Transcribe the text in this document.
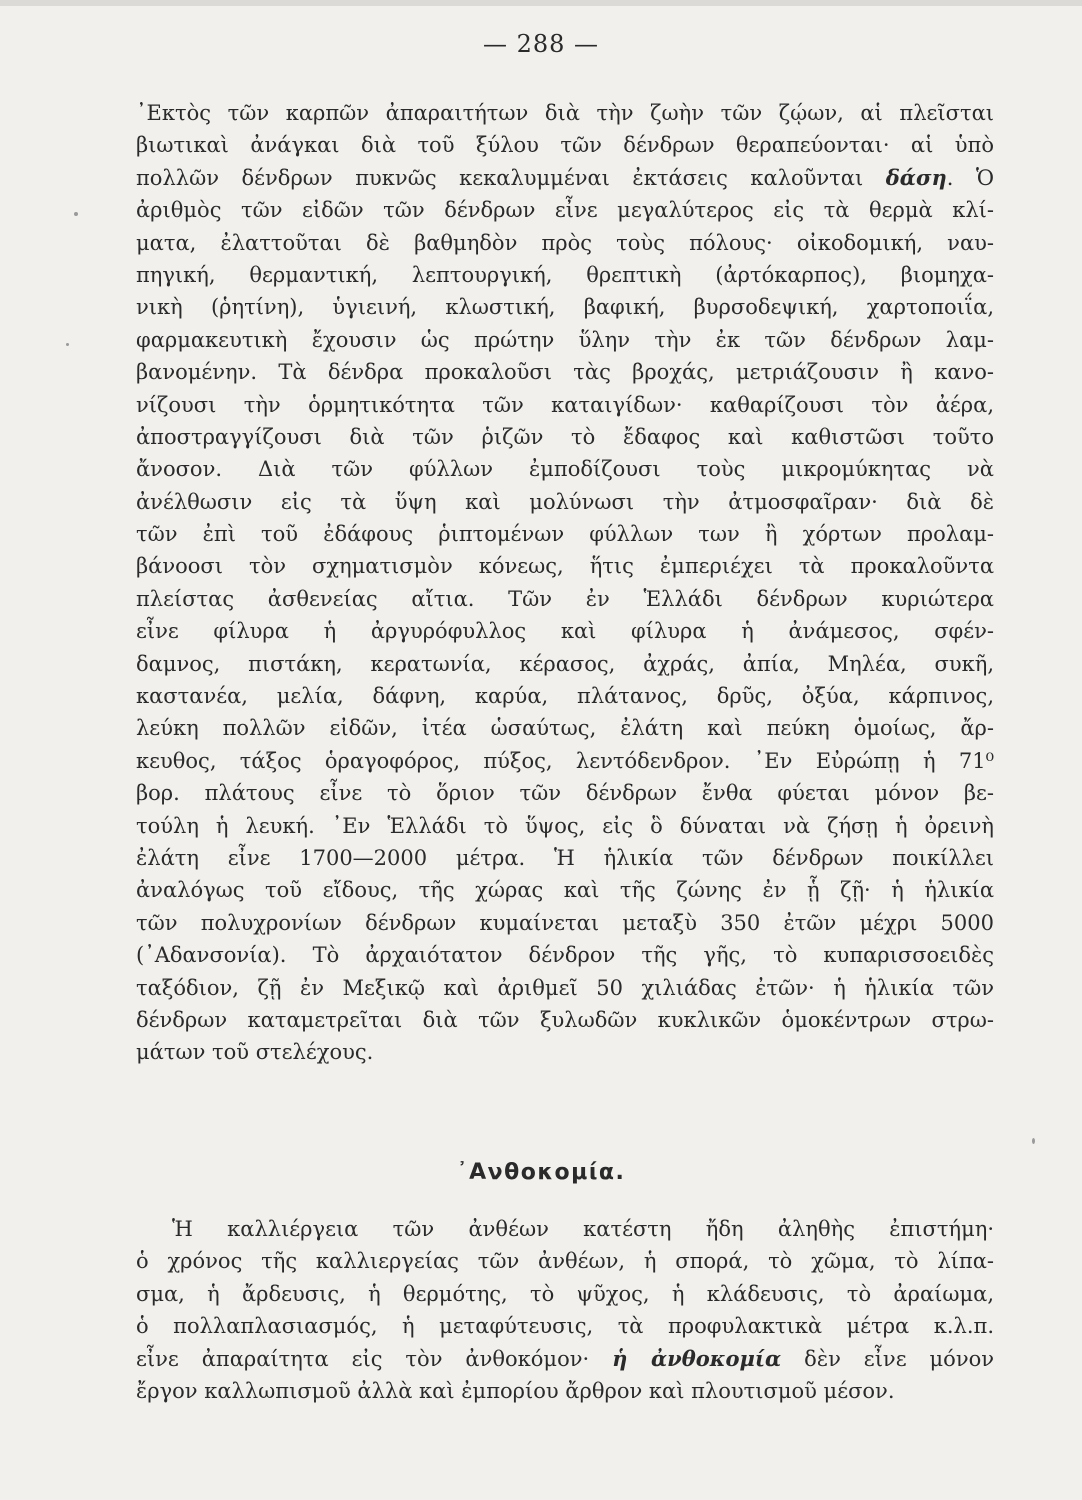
— 288 —
᾿Εκτὸς τῶν καρπῶν ἀπαραιτήτων διὰ τὴν ζωὴν τῶν ζῴων, αἱ πλεῖσται
βιωτικαὶ ἀνάγκαι διὰ τοῦ ξύλου τῶν δένδρων θεραπεύονται· αἱ ὑπὸ
πολλῶν δένδρων πυκνῶς κεκαλυμμέναι ἐκτάσεις καλοῦνται δάση. Ὁ
ἀριθμὸς τῶν εἰδῶν τῶν δένδρων εἶνε μεγαλύτερος εἰς τὰ θερμὰ κλί-
ματα, ἐλαττοῦται δὲ βαθμηδὸν πρὸς τοὺς πόλους· οἰκοδομική, ναυ-
πηγική, θερμαντική, λεπτουργική, θρεπτικὴ (ἀρτόκαρπος), βιομηχα-
νικὴ (ῥητίνη), ὑγιεινή, κλωστική, βαφική, βυρσοδεψική, χαρτοποιΐα,
φαρμακευτικὴ ἔχουσιν ὡς πρώτην ὕλην τὴν ἐκ τῶν δένδρων λαμ-
βανομένην. Τὰ δένδρα προκαλοῦσι τὰς βροχάς, μετριάζουσιν ἢ κανο-
νίζουσι τὴν ὁρμητικότητα τῶν καταιγίδων· καθαρίζουσι τὸν ἀέρα,
ἀποστραγγίζουσι διὰ τῶν ῥιζῶν τὸ ἔδαφος καὶ καθιστῶσι τοῦτο
ἄνοσον. Διὰ τῶν φύλλων ἐμποδίζουσι τοὺς μικρομύκητας νὰ
ἀνέλθωσιν εἰς τὰ ὕψη καὶ μολύνωσι τὴν ἀτμοσφαῖραν· διὰ δὲ
τῶν ἐπὶ τοῦ ἐδάφους ῥιπτομένων φύλλων των ἢ χόρτων προλαμ-
βάνοοσι τὸν σχηματισμὸν κόνεως, ἥτις ἐμπεριέχει τὰ προκαλοῦντα
πλείστας ἀσθενείας αἴτια. Τῶν ἐν Ἑλλάδι δένδρων κυριώτερα
εἶνε φίλυρα ἡ ἀργυρόφυλλος καὶ φίλυρα ἡ ἀνάμεσος, σφέν-
δαμνος, πιστάκη, κερατωνία, κέρασος, ἀχράς, ἀπία, Μηλέα, συκῆ,
καστανέα, μελία, δάφνη, καρύα, πλάτανος, δρῦς, ὀξύα, κάρπινος,
λεύκη πολλῶν εἰδῶν, ἰτέα ὡσαύτως, ἐλάτη καὶ πεύκη ὁμοίως, ἄρ-
κευθος, τάξος ὁραγοφόρος, πύξος, λεντόδενδρον. ᾿Εν Εὐρώπῃ ἡ 71⁰
βορ. πλάτους εἶνε τὸ ὅριον τῶν δένδρων ἔνθα φύεται μόνον βε-
τούλη ἡ λευκή. ᾿Εν Ἑλλάδι τὸ ὕψος, εἰς ὃ δύναται νὰ ζήσῃ ἡ ὀρεινὴ
ἐλάτη εἶνε 1700—2000 μέτρα. Ἡ ἡλικία τῶν δένδρων ποικίλλει
ἀναλόγως τοῦ εἴδους, τῆς χώρας καὶ τῆς ζώνης ἐν ᾗ ζῇ· ἡ ἡλικία
τῶν πολυχρονίων δένδρων κυμαίνεται μεταξὺ 350 ἐτῶν μέχρι 5000
(᾿Αδανσονία). Τὸ ἀρχαιότατον δένδρον τῆς γῆς, τὸ κυπαρισσοειδὲς
ταξόδιον, ζῇ ἐν Μεξικῷ καὶ ἀριθμεῖ 50 χιλιάδας ἐτῶν· ἡ ἡλικία τῶν
δένδρων καταμετρεῖται διὰ τῶν ξυλωδῶν κυκλικῶν ὁμοκέντρων στρω-
μάτων τοῦ στελέχους.
᾿Ανθοκομία.
Ἡ καλλιέργεια τῶν ἀνθέων κατέστη ἤδη ἀληθὴς ἐπιστήμη·
ὁ χρόνος τῆς καλλιεργείας τῶν ἀνθέων, ἡ σπορά, τὸ χῶμα, τὸ λίπα-
σμα, ἡ ἄρδευσις, ἡ θερμότης, τὸ ψῦχος, ἡ κλάδευσις, τὸ ἀραίωμα,
ὁ πολλαπλασιασμός, ἡ μεταφύτευσις, τὰ προφυλακτικὰ μέτρα κ.λ.π.
εἶνε ἀπαραίτητα εἰς τὸν ἀνθοκόμον· ἡ ἀνθοκομία δὲν εἶνε μόνον
ἔργον καλλωπισμοῦ ἀλλὰ καὶ ἐμπορίου ἄρθρον καὶ πλουτισμοῦ μέσον.
